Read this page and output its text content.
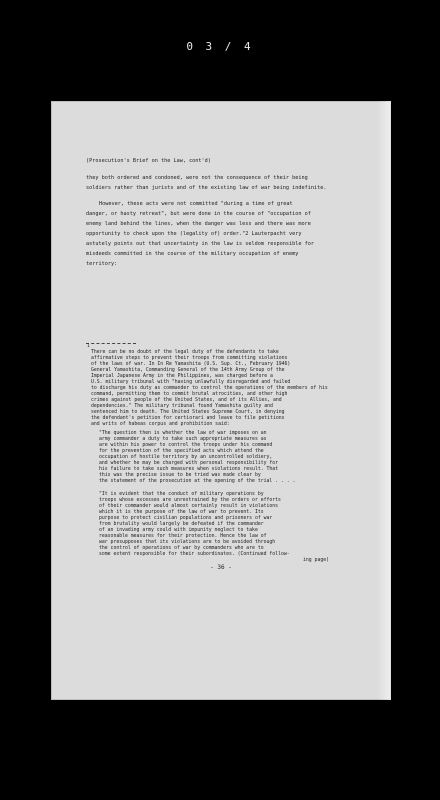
0 3 / 4
(Prosecution's Brief on the Law, cont'd)
they both ordered and condoned, were not the consequence of their being
soldiers rather than jurists and of the existing law of war being indefinite.
However, these acts were not committed "during a time of great
danger, or hasty retreat", but were done in the course of "occupation of
enemy land behind the lines, when the danger was less and there was more
opportunity to check upon the (legality of) order."2 Lauterpacht very
astutely points out that uncertainty in the law is seldom responsible for
misdeeds committed in the course of the military occupation of enemy
territory:
1
There can be no doubt of the legal duty of the defendants to take
affirmative steps to prevent their troops from committing violations
of the laws of war. In In Re Yamashita (U.S. Sup. Ct., February 1946)
General Yamashita, Commanding General of the 14th Army Group of the
Imperial Japanese Army in the Philippines, was charged before a
U.S. military tribunal with "having unlawfully disregarded and failed
to discharge his duty as commander to control the operations of the members of his
command, permitting them to commit brutal atrocities, and other high
crimes against people of the United States, and of its Allies, and
dependencies." The military tribunal found Yamashita guilty and
sentenced him to death. The United States Supreme Court, in denying
the defendant's petition for certiorari and leave to file petitions
and writs of habeas corpus and prohibition said:
"The question then is whether the law of war imposes on an
army commander a duty to take such appropriate measures as
are within his power to control the troops under his command
for the prevention of the specified acts which attend the
occupation of hostile territory by an uncontrolled soldiery,
and whether he may be charged with personal responsibility for
his failure to take such measures when violations result. That
this was the precise issue to be tried was made clear by
the statement of the prosecution at the opening of the trial . . . .
"It is evident that the conduct of military operations by
troops whose excesses are unrestrained by the orders or efforts
of their commander would almost certainly result in violations
which it is the purpose of the law of war to prevent. Its
purpose to protect civilian populations and prisoners of war
from brutality would largely be defeated if the commander
of an invading army could with impunity neglect to take
reasonable measures for their protection. Hence the law of
war presupposes that its violations are to be avoided through
the control of operations of war by commanders who are to
some extent responsible for their subordinates. (Continued follow-
ing page)
- 36 -
